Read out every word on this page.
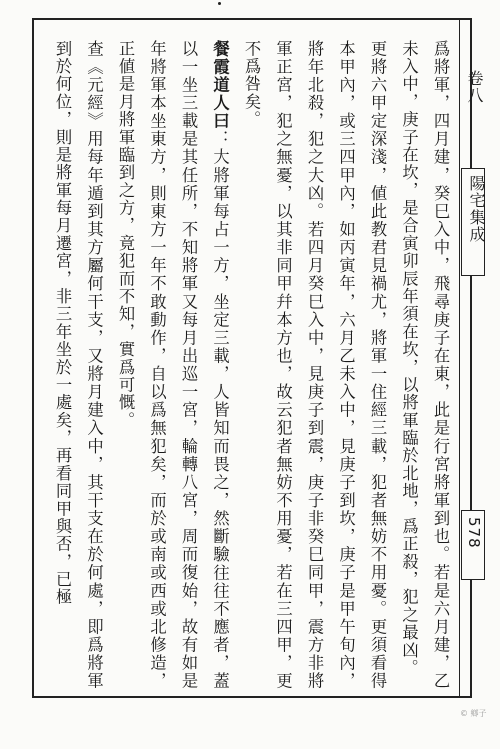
卷八
陽宅集成
578

爲將軍，四月建，癸巳入中，飛尋庚子在東，此是行宮將軍到也。若是六月建，乙未入中，庚子在坎，是合寅卯辰年須在坎，以將軍臨於北地，爲正殺，犯之最凶。

更將六甲定深淺，値此教君見禍尤，將軍一住經三載，犯者無妨不用憂。更須看得本甲內，或三四甲內，如丙寅年，六月乙未入中，見庚子到坎，庚子是甲午旬內，將年北殺，犯之大凶。若四月癸巳入中，見庚子到震，庚子非癸巳同甲，震方非將軍正宮，犯之無憂，以其非同甲幷本方也，故云犯者無妨不用憂，若在三四甲，更不爲咎矣。

餐霞道人曰：大將軍每占一方，坐定三載，人皆知而畏之，然斷驗往往不應者，蓋以一坐三載是其任所，不知將軍又每月出巡一宮，輪轉八宮，周而復始，故有如是年將軍本坐東方，則東方一年不敢動作，自以爲無犯矣，而於或南或西或北修造，正値是月將軍臨到之方，竟犯而不知，實爲可慨。

查《元經》用每年遁到其方屬何干支，又將月建入中，其干支在於何處，即爲將軍到於何位，則是將軍每月遷宮，非三年坐於一處矣，再看同甲與否，已極

© 鄉子
